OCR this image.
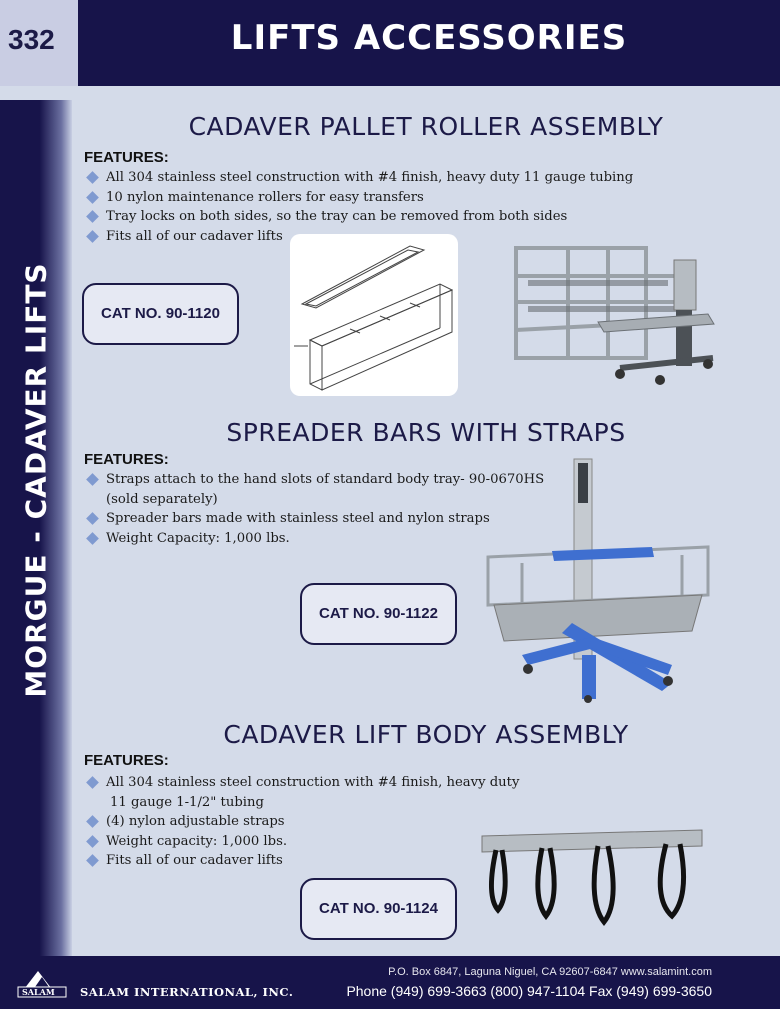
332	LIFTS ACCESSORIES
MORGUE - CADAVER LIFTS
CADAVER PALLET ROLLER ASSEMBLY
FEATURES:
All 304 stainless steel construction with #4 finish, heavy duty 11 gauge tubing
10 nylon maintenance rollers for easy transfers
Tray locks on both sides, so the tray can be removed from both sides
Fits all of our cadaver lifts
CAT NO. 90-1120
SPREADER BARS WITH STRAPS
FEATURES:
Straps attach to the hand slots of standard body tray- 90-0670HS
(sold separately)
Spreader bars made with stainless steel and nylon straps
Weight Capacity: 1,000 lbs.
CAT NO. 90-1122
CADAVER LIFT BODY ASSEMBLY
FEATURES:
All 304 stainless steel construction with #4 finish, heavy duty
11 gauge 1-1/2" tubing
(4) nylon adjustable straps
Weight capacity: 1,000 lbs.
Fits all of our cadaver lifts
CAT NO. 90-1124
SALAM SALAM INTERNATIONAL, INC.
P.O. Box 6847, Laguna Niguel, CA 92607-6847 www.salamint.com
Phone (949) 699-3663 (800) 947-1104 Fax (949) 699-3650
